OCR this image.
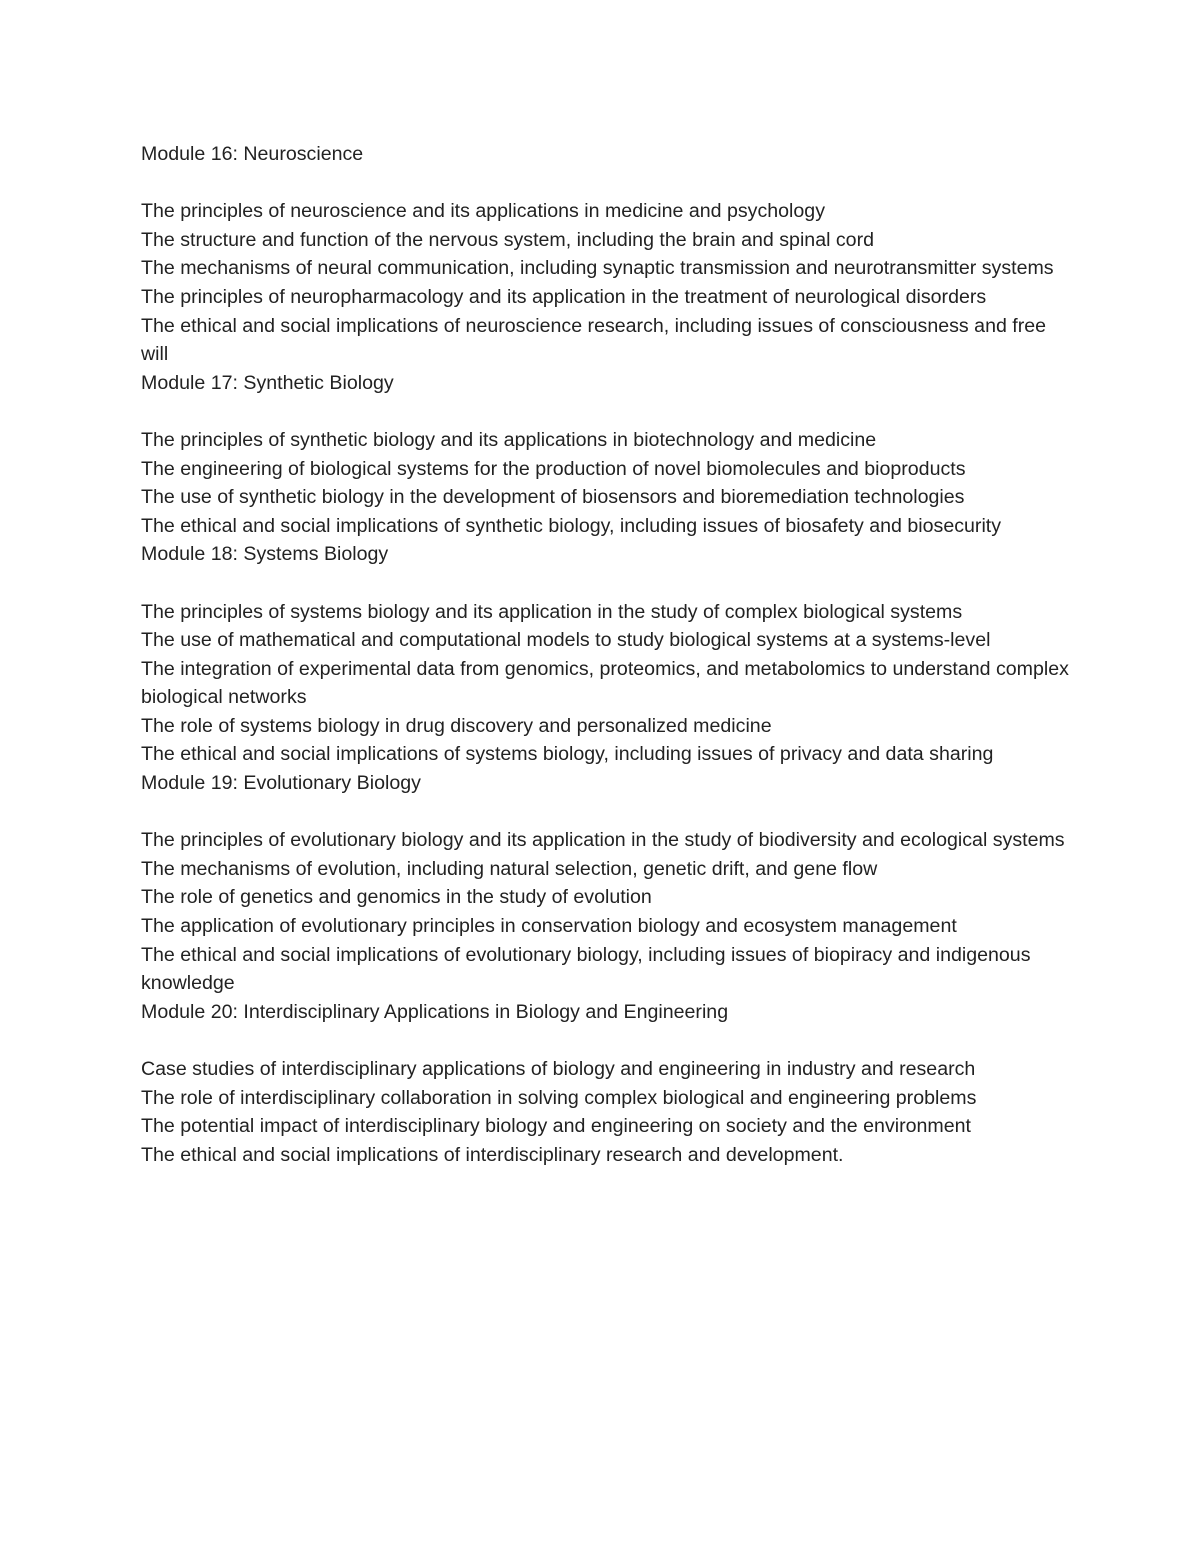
Module 16: Neuroscience
The principles of neuroscience and its applications in medicine and psychology
The structure and function of the nervous system, including the brain and spinal cord
The mechanisms of neural communication, including synaptic transmission and neurotransmitter systems
The principles of neuropharmacology and its application in the treatment of neurological disorders
The ethical and social implications of neuroscience research, including issues of consciousness and free will
Module 17: Synthetic Biology
The principles of synthetic biology and its applications in biotechnology and medicine
The engineering of biological systems for the production of novel biomolecules and bioproducts
The use of synthetic biology in the development of biosensors and bioremediation technologies
The ethical and social implications of synthetic biology, including issues of biosafety and biosecurity
Module 18: Systems Biology
The principles of systems biology and its application in the study of complex biological systems
The use of mathematical and computational models to study biological systems at a systems-level
The integration of experimental data from genomics, proteomics, and metabolomics to understand complex biological networks
The role of systems biology in drug discovery and personalized medicine
The ethical and social implications of systems biology, including issues of privacy and data sharing
Module 19: Evolutionary Biology
The principles of evolutionary biology and its application in the study of biodiversity and ecological systems
The mechanisms of evolution, including natural selection, genetic drift, and gene flow
The role of genetics and genomics in the study of evolution
The application of evolutionary principles in conservation biology and ecosystem management
The ethical and social implications of evolutionary biology, including issues of biopiracy and indigenous knowledge
Module 20: Interdisciplinary Applications in Biology and Engineering
Case studies of interdisciplinary applications of biology and engineering in industry and research
The role of interdisciplinary collaboration in solving complex biological and engineering problems
The potential impact of interdisciplinary biology and engineering on society and the environment
The ethical and social implications of interdisciplinary research and development.
